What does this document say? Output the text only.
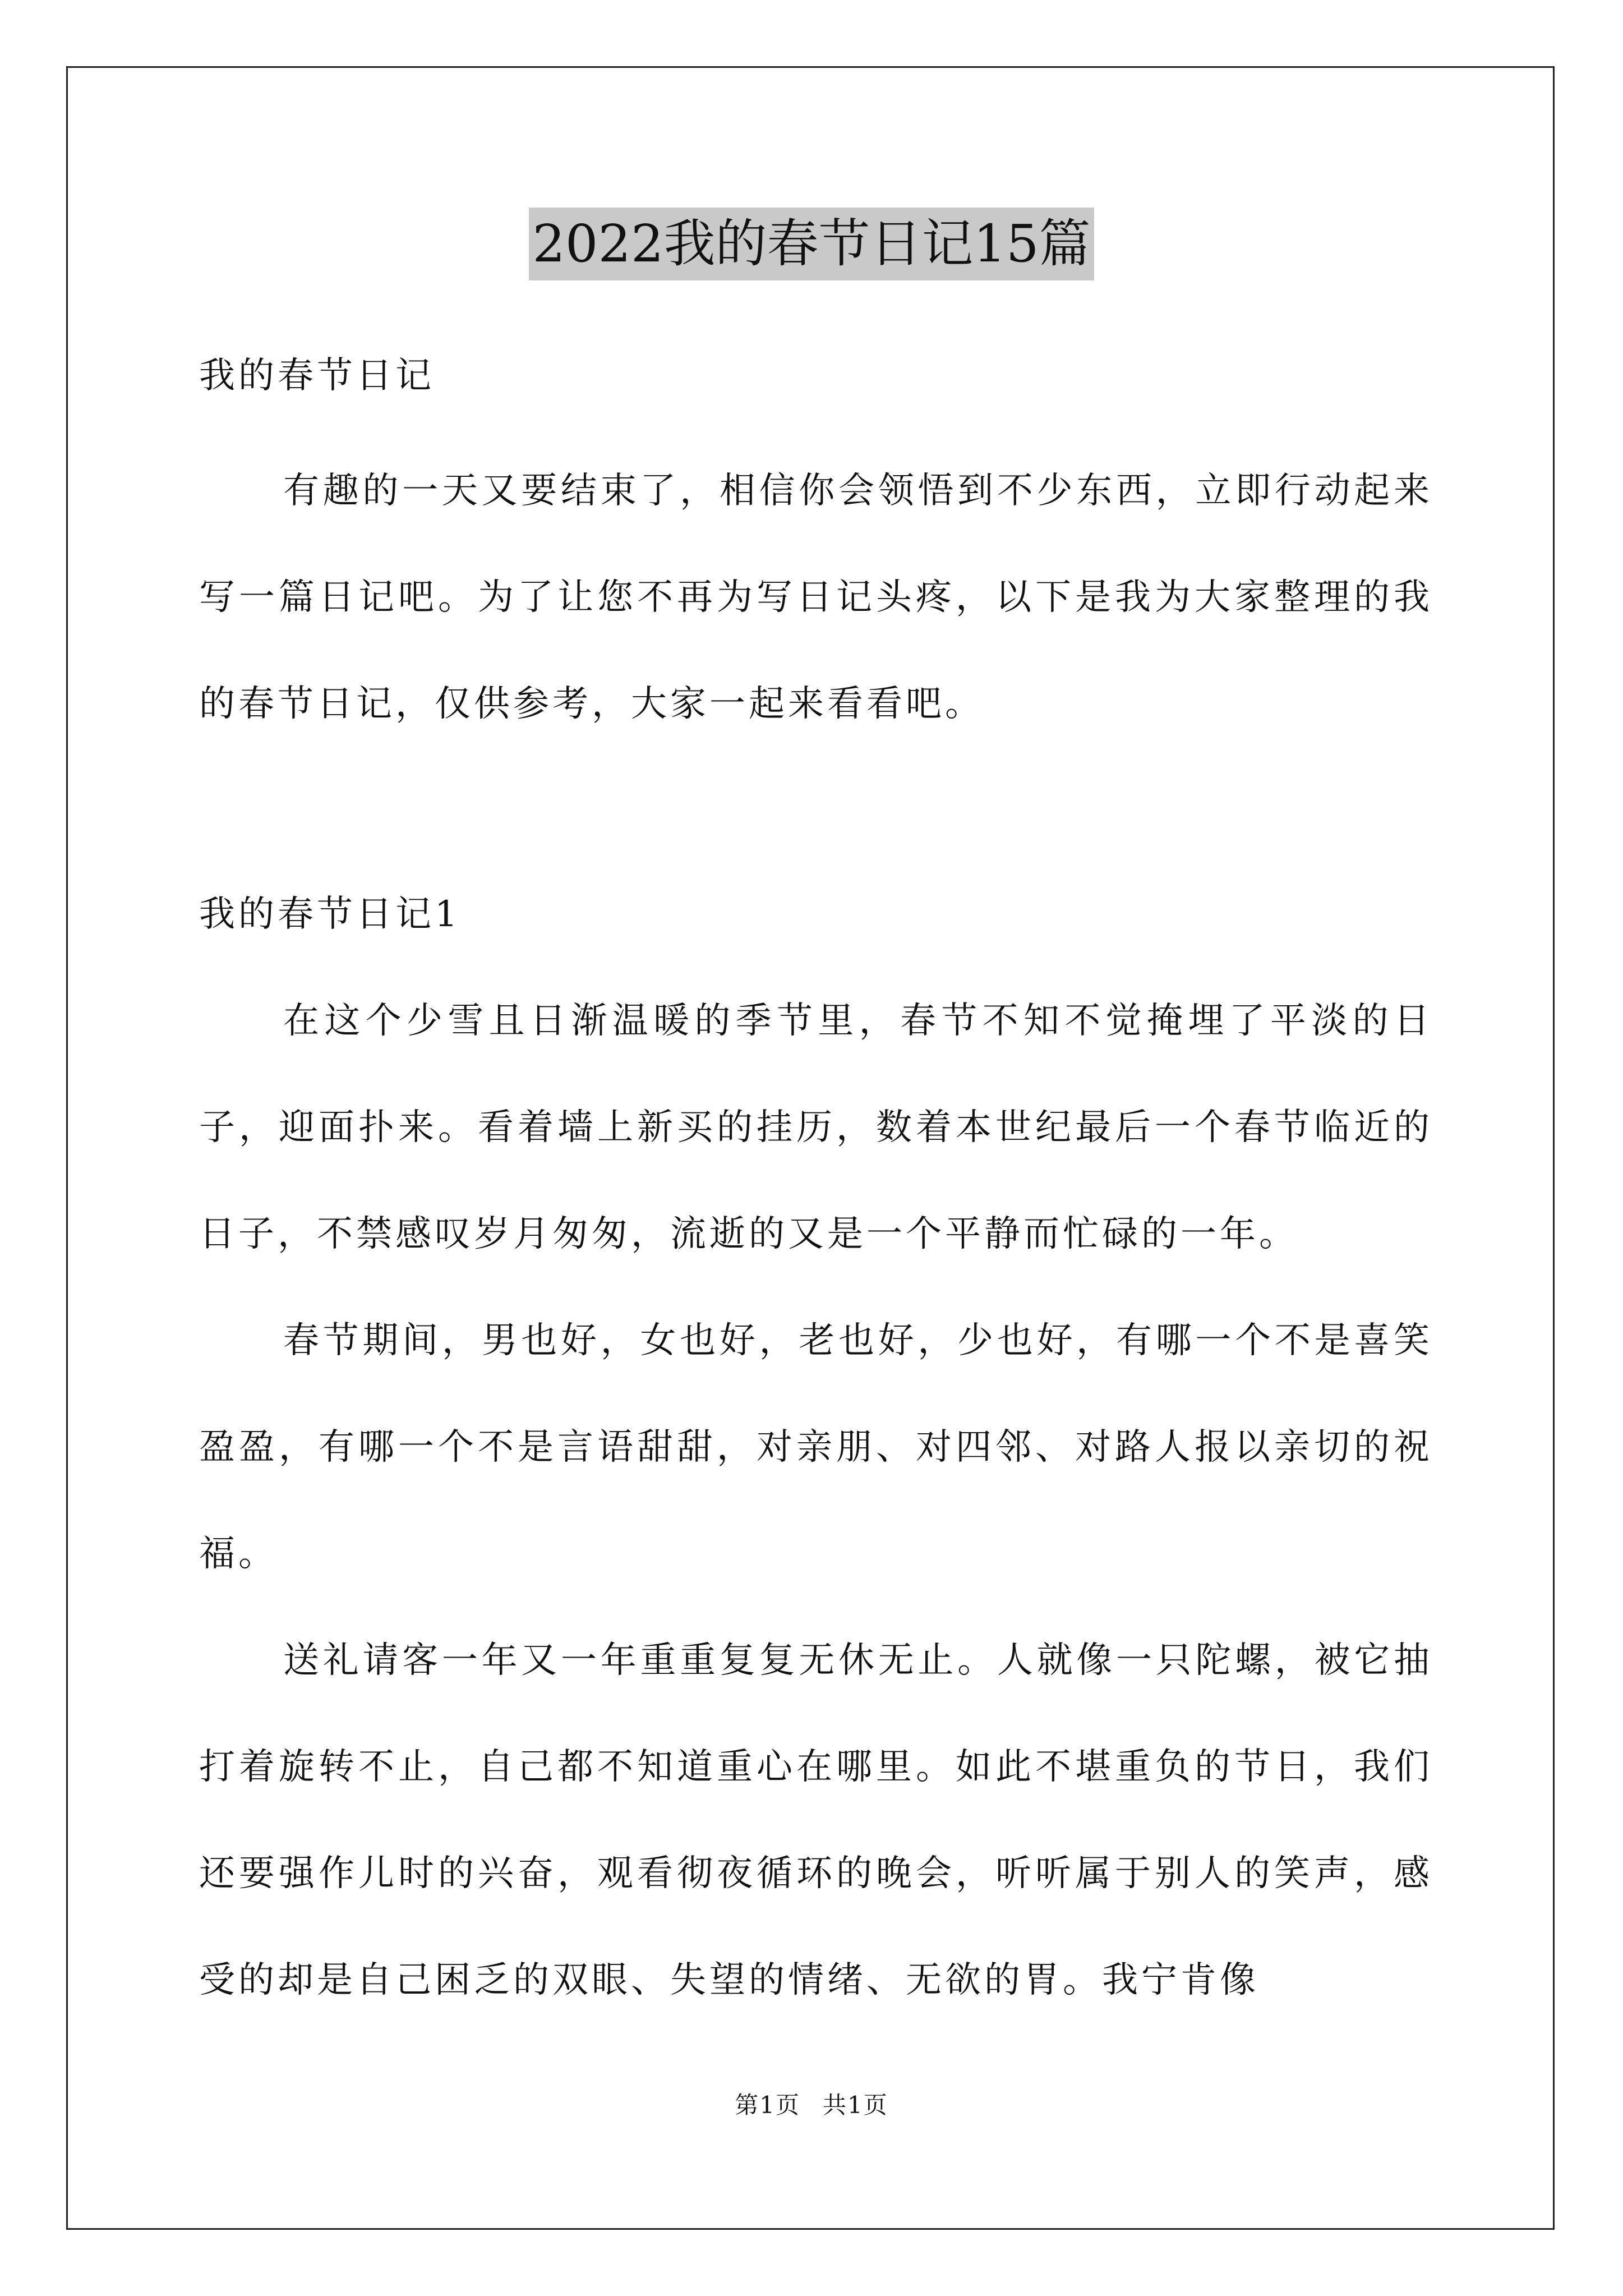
2022我的春节日记15篇
我的春节日记

有趣的一天又要结束了，相信你会领悟到不少东西，立即行动起来写一篇日记吧。为了让您不再为写日记头疼，以下是我为大家整理的我的春节日记，仅供参考，大家一起来看看吧。

我的春节日记1

在这个少雪且日渐温暖的季节里，春节不知不觉掩埋了平淡的日子，迎面扑来。看着墙上新买的挂历，数着本世纪最后一个春节临近的日子，不禁感叹岁月匆匆，流逝的又是一个平静而忙碌的一年。

春节期间，男也好，女也好，老也好，少也好，有哪一个不是喜笑盈盈，有哪一个不是言语甜甜，对亲朋、对四邻、对路人报以亲切的祝福。

送礼请客一年又一年重重复复无休无止。人就像一只陀螺，被它抽打着旋转不止，自己都不知道重心在哪里。如此不堪重负的节日，我们还要强作儿时的兴奋，观看彻夜循环的晚会，听听属于别人的笑声，感受的却是自己困乏的双眼、失望的情绪、无欲的胃。我宁肯像

第1页 共1页
